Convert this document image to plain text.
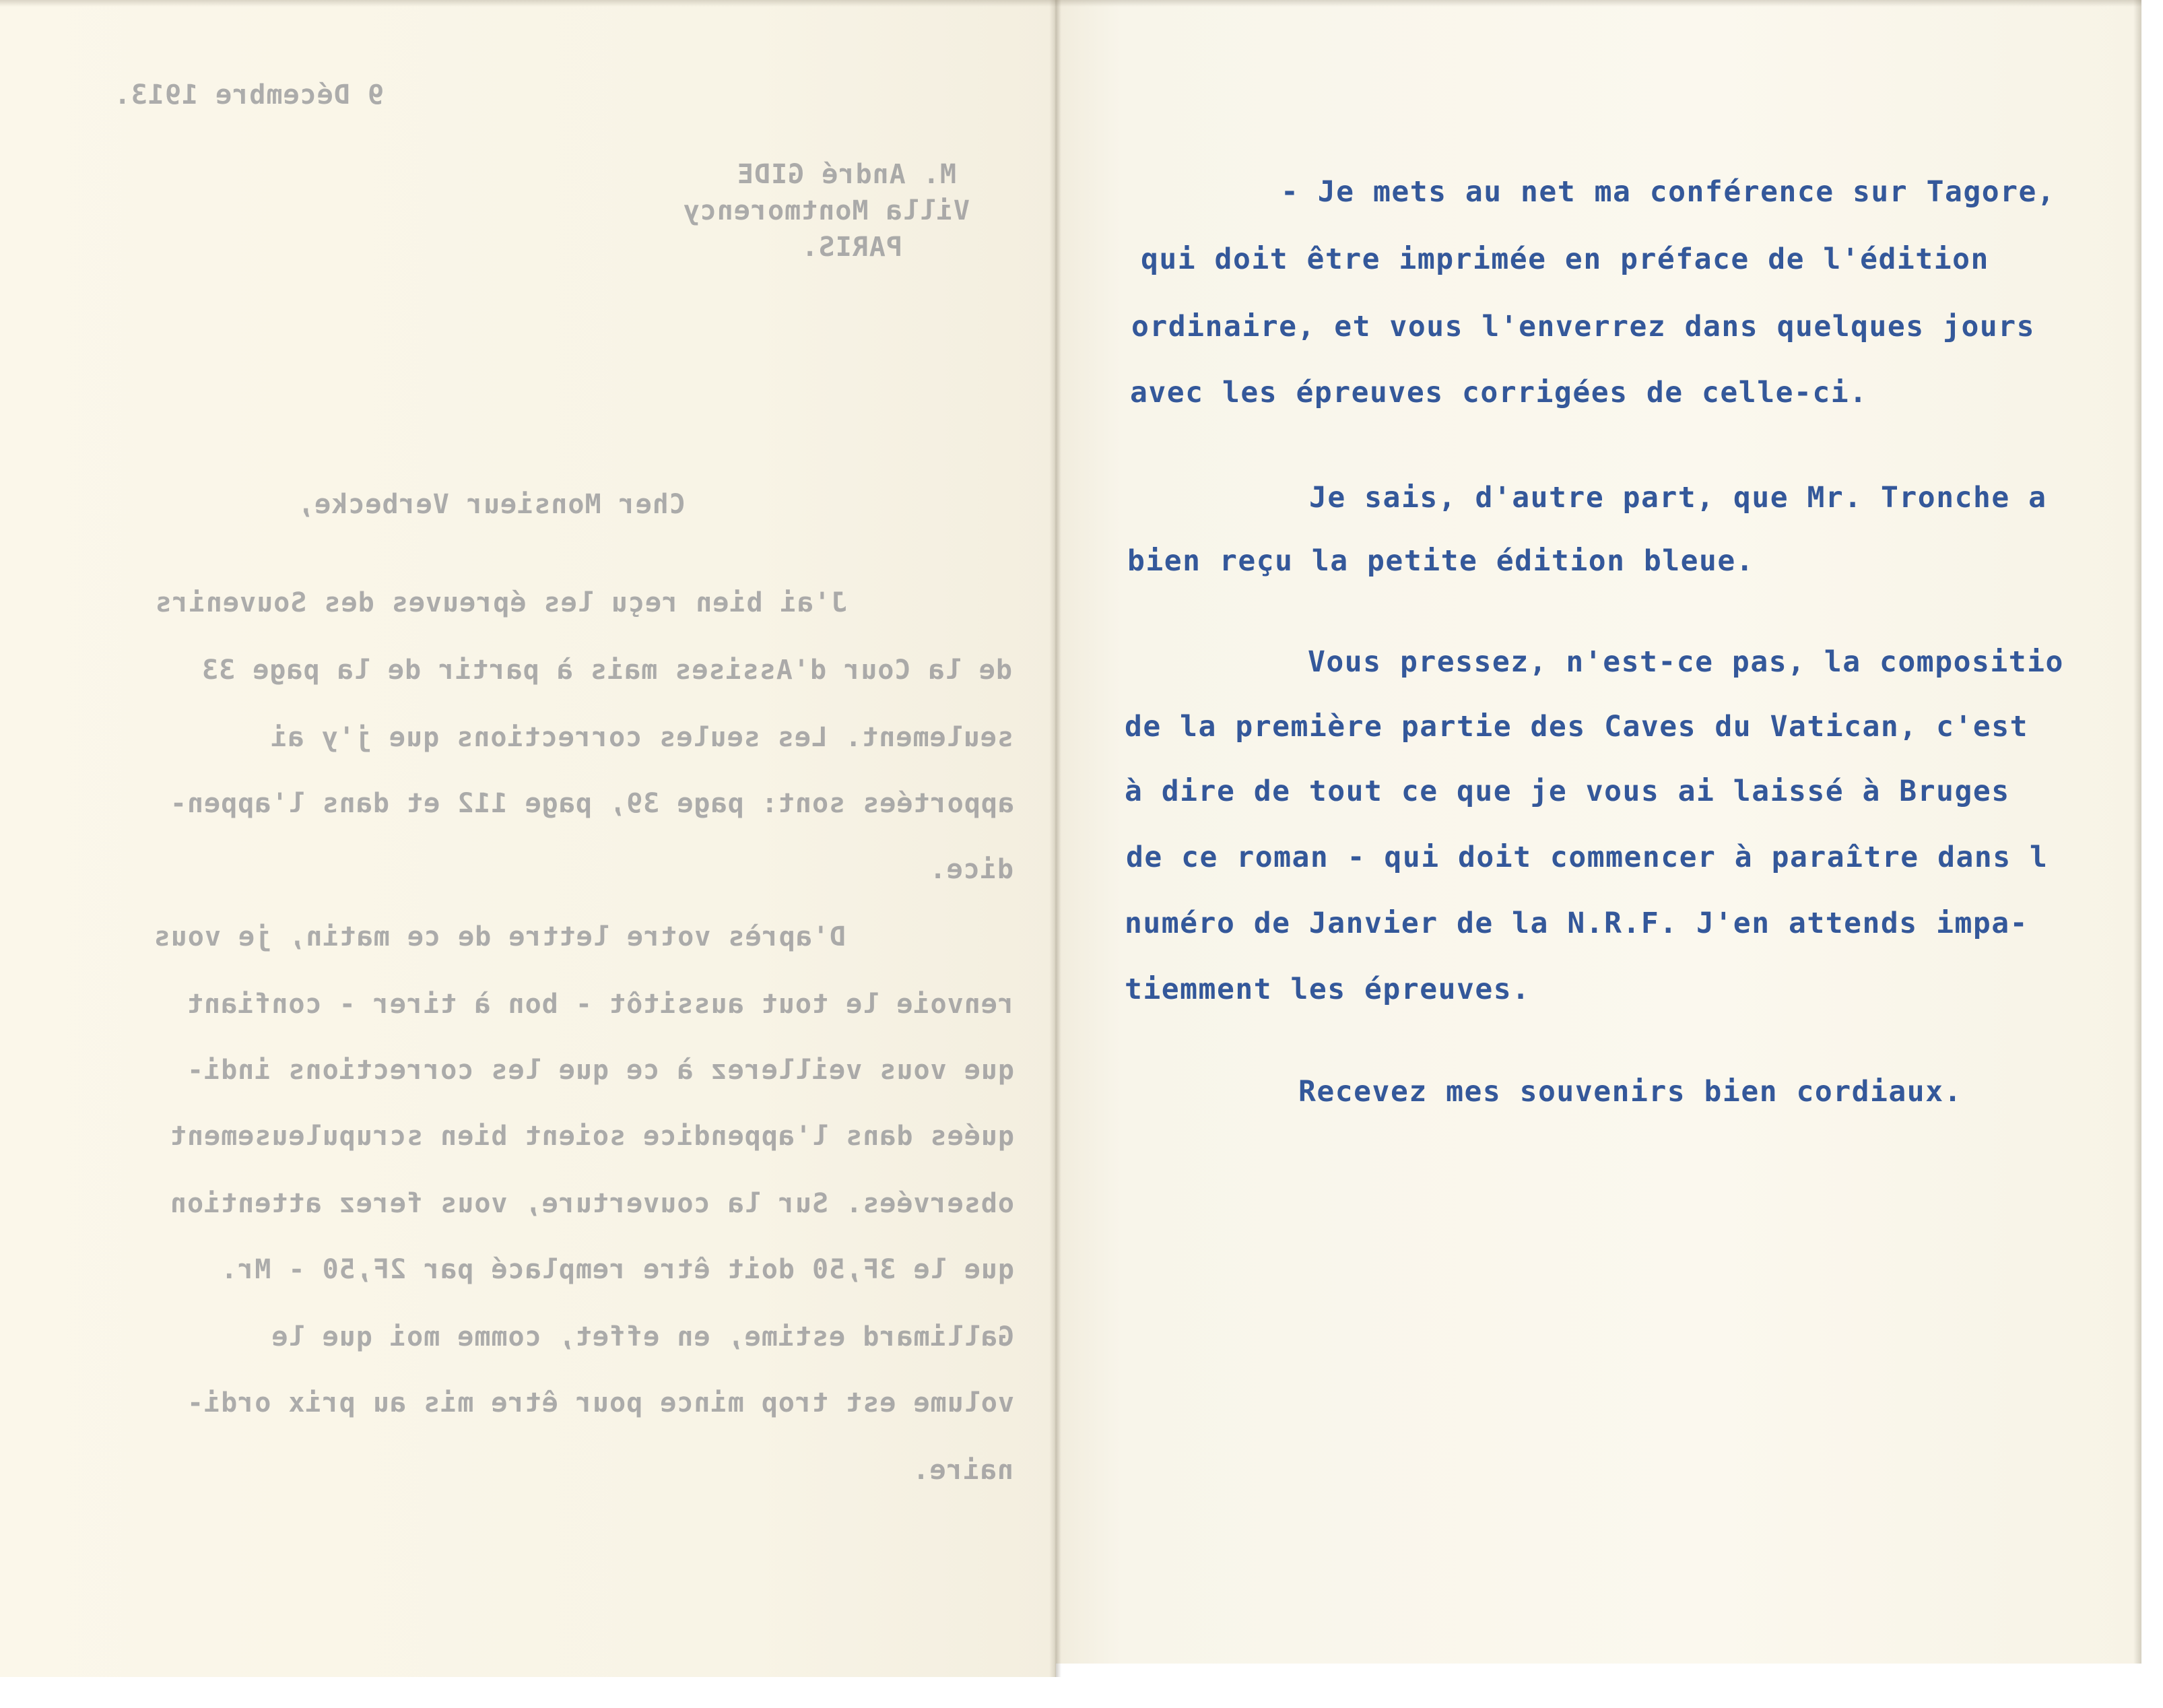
9 Décembre 1913.
M. André GIDE
Villa Montmorency
PARIS.
Cher Monsieur Verbecke,
J'ai bien reçu les épreuves des Souvenirs
de la Cour d'Assises mais à partir de la page 33
seulement. Les seules corrections que j'y ai
apportées sont: page 39, page 112 et dans l'appen-
dice.
D'après votre lettre de ce matin, je vous
renvoie le tout aussitôt - bon à tirer - confiant
que vous veillerez à ce que les corrections indi-
quées dans l'appendice soient bien scrupuleusement
observées. Sur la couverture, vous ferez attention
que le 3F,50 doit être remplacé par 2F,50 - Mr.
Gallimard estime, en effet, comme moi que le
volume est trop mince pour être mis au prix ordi-
naire.
- Je mets au net ma conférence sur Tagore,
qui doit être imprimée en préface de l'édition
ordinaire, et vous l'enverrez dans quelques jours
avec les épreuves corrigées de celle-ci.
Je sais, d'autre part, que Mr. Tronche a
bien reçu la petite édition bleue.
Vous pressez, n'est-ce pas, la compositio
de la première partie des Caves du Vatican, c'est
à dire de tout ce que je vous ai laissé à Bruges
de ce roman - qui doit commencer à paraître dans l
numéro de Janvier de la N.R.F. J'en attends impa-
tiemment les épreuves.
Recevez mes souvenirs bien cordiaux.
